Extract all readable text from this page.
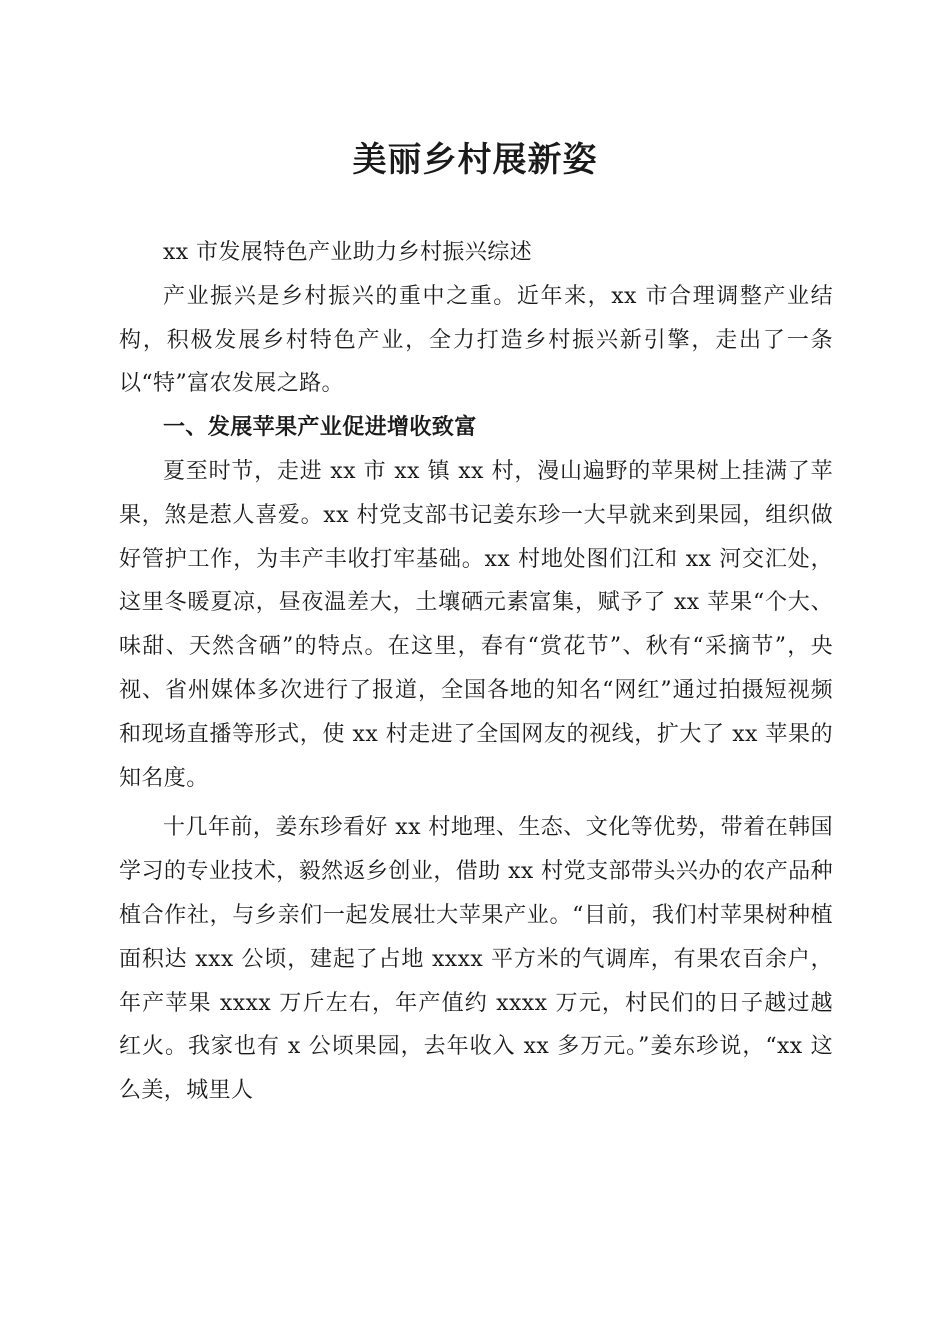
美丽乡村展新姿

xx 市发展特色产业助力乡村振兴综述

产业振兴是乡村振兴的重中之重。近年来，xx 市合理调整产业结构，积极发展乡村特色产业，全力打造乡村振兴新引擎，走出了一条以“特”富农发展之路。

一、发展苹果产业促进增收致富

夏至时节，走进 xx 市 xx 镇 xx 村，漫山遍野的苹果树上挂满了苹果，煞是惹人喜爱。xx 村党支部书记姜东珍一大早就来到果园，组织做好管护工作，为丰产丰收打牢基础。xx 村地处图们江和 xx 河交汇处，这里冬暖夏凉，昼夜温差大，土壤硒元素富集，赋予了 xx 苹果“个大、味甜、天然含硒”的特点。在这里，春有“赏花节”、秋有“采摘节”，央视、省州媒体多次进行了报道，全国各地的知名“网红”通过拍摄短视频和现场直播等形式，使 xx 村走进了全国网友的视线，扩大了 xx 苹果的知名度。

十几年前，姜东珍看好 xx 村地理、生态、文化等优势，带着在韩国学习的专业技术，毅然返乡创业，借助 xx 村党支部带头兴办的农产品种植合作社，与乡亲们一起发展壮大苹果产业。“目前，我们村苹果树种植面积达 xxx 公顷，建起了占地 xxxx 平方米的气调库，有果农百余户，年产苹果 xxxx 万斤左右，年产值约 xxxx 万元，村民们的日子越过越红火。我家也有 x 公顷果园，去年收入 xx 多万元。”姜东珍说，“xx 这么美，城里人
